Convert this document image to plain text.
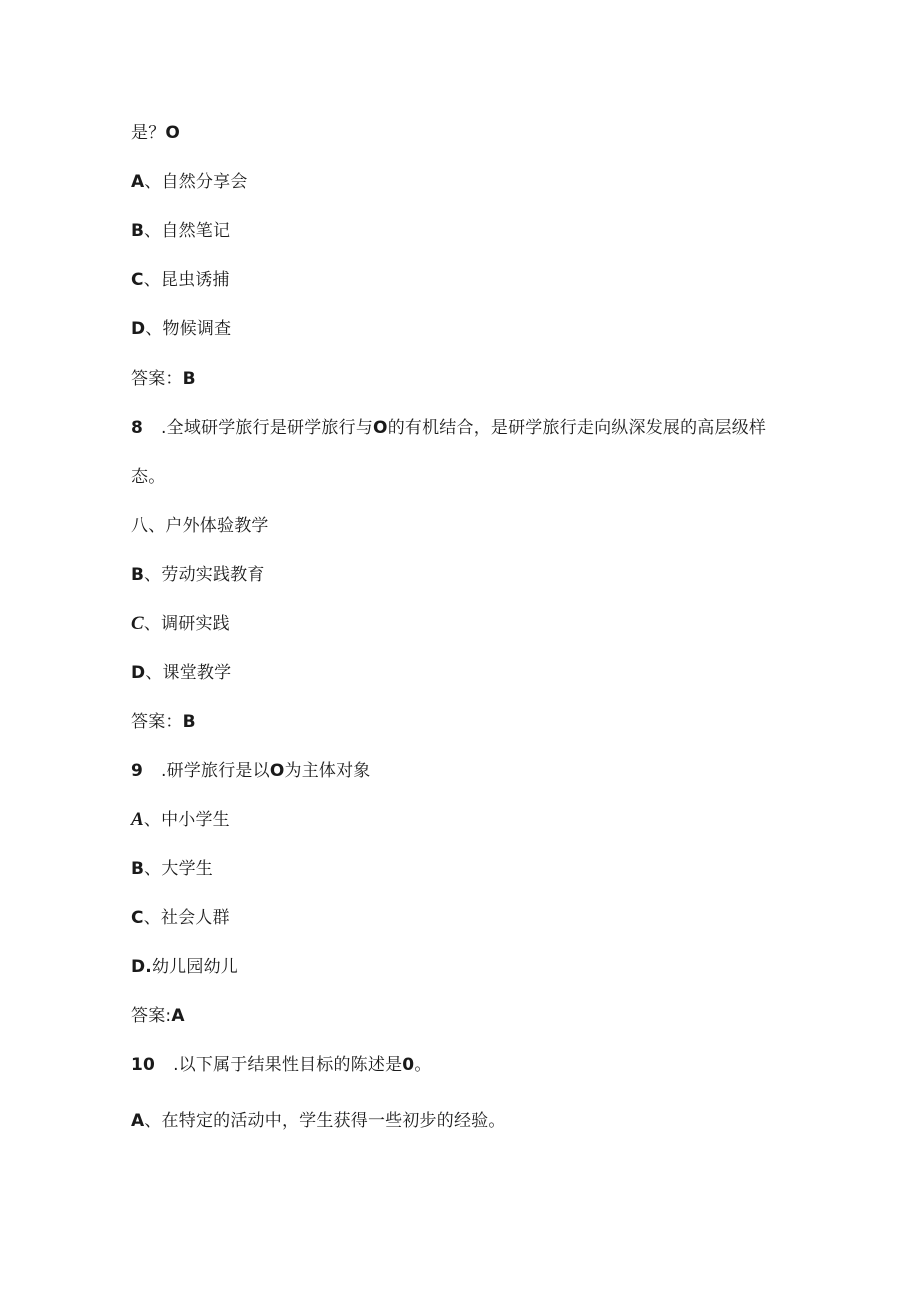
是？O
A、自然分享会
B、自然笔记
C、昆虫诱捕
D、物候调查
答案：B
8 .全域研学旅行是研学旅行与O的有机结合，是研学旅行走向纵深发展的高层级样
态。
八、户外体验教学
B、劳动实践教育
C、调研实践
D、课堂教学
答案：B
9 .研学旅行是以O为主体对象
A、中小学生
B、大学生
C、社会人群
D.幼儿园幼儿
答案:A
10 .以下属于结果性目标的陈述是0。
A、在特定的活动中，学生获得一些初步的经验。
